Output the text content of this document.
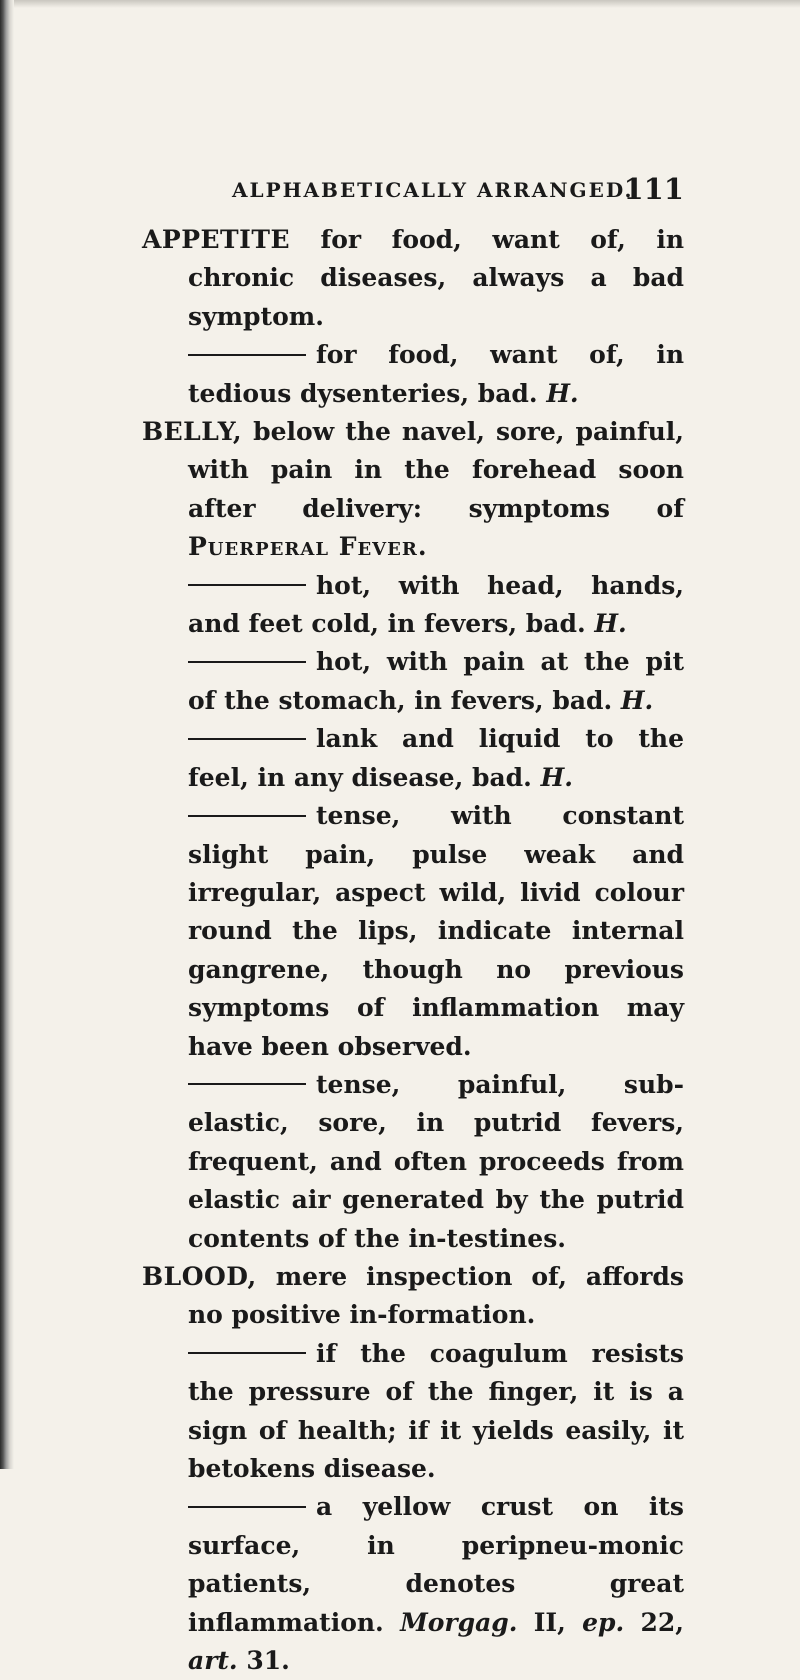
ALPHABETICALLY ARRANGED.
111
APPETITE for food, want of, in chronic diseases, always a bad symptom.
for food, want of, in tedious dysenteries, bad. H.
BELLY, below the navel, sore, painful, with pain in the forehead soon after delivery: symptoms of Puerperal Fever.
hot, with head, hands, and feet cold, in fevers, bad. H.
hot, with pain at the pit of the stomach, in fevers, bad. H.
lank and liquid to the feel, in any disease, bad. H.
tense, with constant slight pain, pulse weak and irregular, aspect wild, livid colour round the lips, indicate internal gangrene, though no previous symptoms of inflammation may have been observed.
tense, painful, sub-elastic, sore, in putrid fevers, frequent, and often proceeds from elastic air generated by the putrid contents of the in-testines.
BLOOD, mere inspection of, affords no positive in-formation.
if the coagulum resists the pressure of the finger, it is a sign of health; if it yields easily, it betokens disease.
a yellow crust on its surface, in peripneu-monic patients, denotes great inflammation. Morgag. II, ep. 22, art. 31.
